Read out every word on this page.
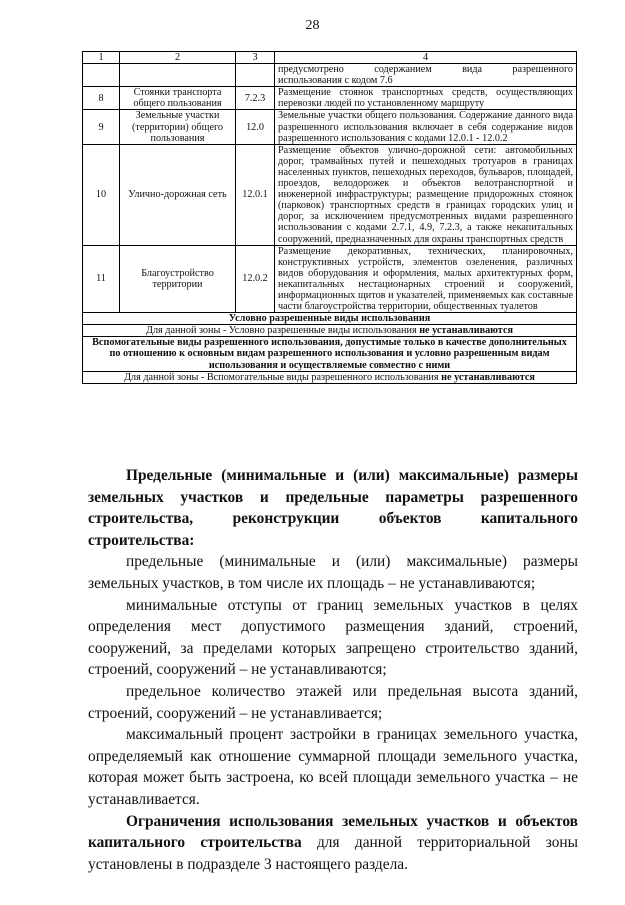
28
1	2	3	4

			предусмотрено содержанием вида разрешенного
использования с кодом 7.6

8	Стоянки транспорта общего пользования	7.2.3	Размещение стоянок транспортных средств, осуществляющих перевозки людей по установленному маршруту
9	Земельные участки (территории) общего пользования	12.0	Земельные участки общего пользования. Содержание данного вида разрешенного использования включает в себя содержание видов разрешенного использования с кодами 12.0.1 - 12.0.2
10	Улично-дорожная сеть	12.0.1	Размещение объектов улично-дорожной сети: автомобильных дорог, трамвайных путей и пешеходных тротуаров в границах населенных пунктов, пешеходных переходов, бульваров, площадей, проездов, велодорожек и объектов велотранспортной и инженерной инфраструктуры; размещение придорожных стоянок (парковок) транспортных средств в границах городских улиц и дорог, за исключением предусмотренных видами разрешенного использования с кодами 2.7.1, 4.9, 7.2.3, а также некапитальных сооружений, предназначенных для охраны транспортных средств
11	Благоустройство территории	12.0.2	Размещение декоративных, технических, планировочных, конструктивных устройств, элементов озеленения, различных видов оборудования и оформления, малых архитектурных форм, некапитальных нестационарных строений и сооружений, информационных щитов и указателей, применяемых как составные части благоустройства территории, общественных туалетов
Условно разрешенные виды использования			
Для данной зоны - Условно разрешенные виды использования не устанавливаются			
Вспомогательные виды разрешенного использования, допустимые только в качестве дополнительных по отношению к основным видам разрешенного использования и условно разрешенным видам использования и осуществляемые совместно с ними			
Для данной зоны - Вспомогательные виды разрешенного использования не устанавливаются			

Предельные (минимальные и (или) максимальные) размеры земельных участков и предельные параметры разрешенного строительства, реконструкции объектов капитального строительства:

предельные (минимальные и (или) максимальные) размеры земельных участков, в том числе их площадь – не устанавливаются;

минимальные отступы от границ земельных участков в целях определения мест допустимого размещения зданий, строений, сооружений, за пределами которых запрещено строительство зданий, строений, сооружений – не устанавливаются;

предельное количество этажей или предельная высота зданий, строений, сооружений – не устанавливается;

максимальный процент застройки в границах земельного участка, определяемый как отношение суммарной площади земельного участка, которая может быть застроена, ко всей площади земельного участка – не устанавливается.

Ограничения использования земельных участков и объектов капитального строительства для данной территориальной зоны установлены в подразделе 3 настоящего раздела.
